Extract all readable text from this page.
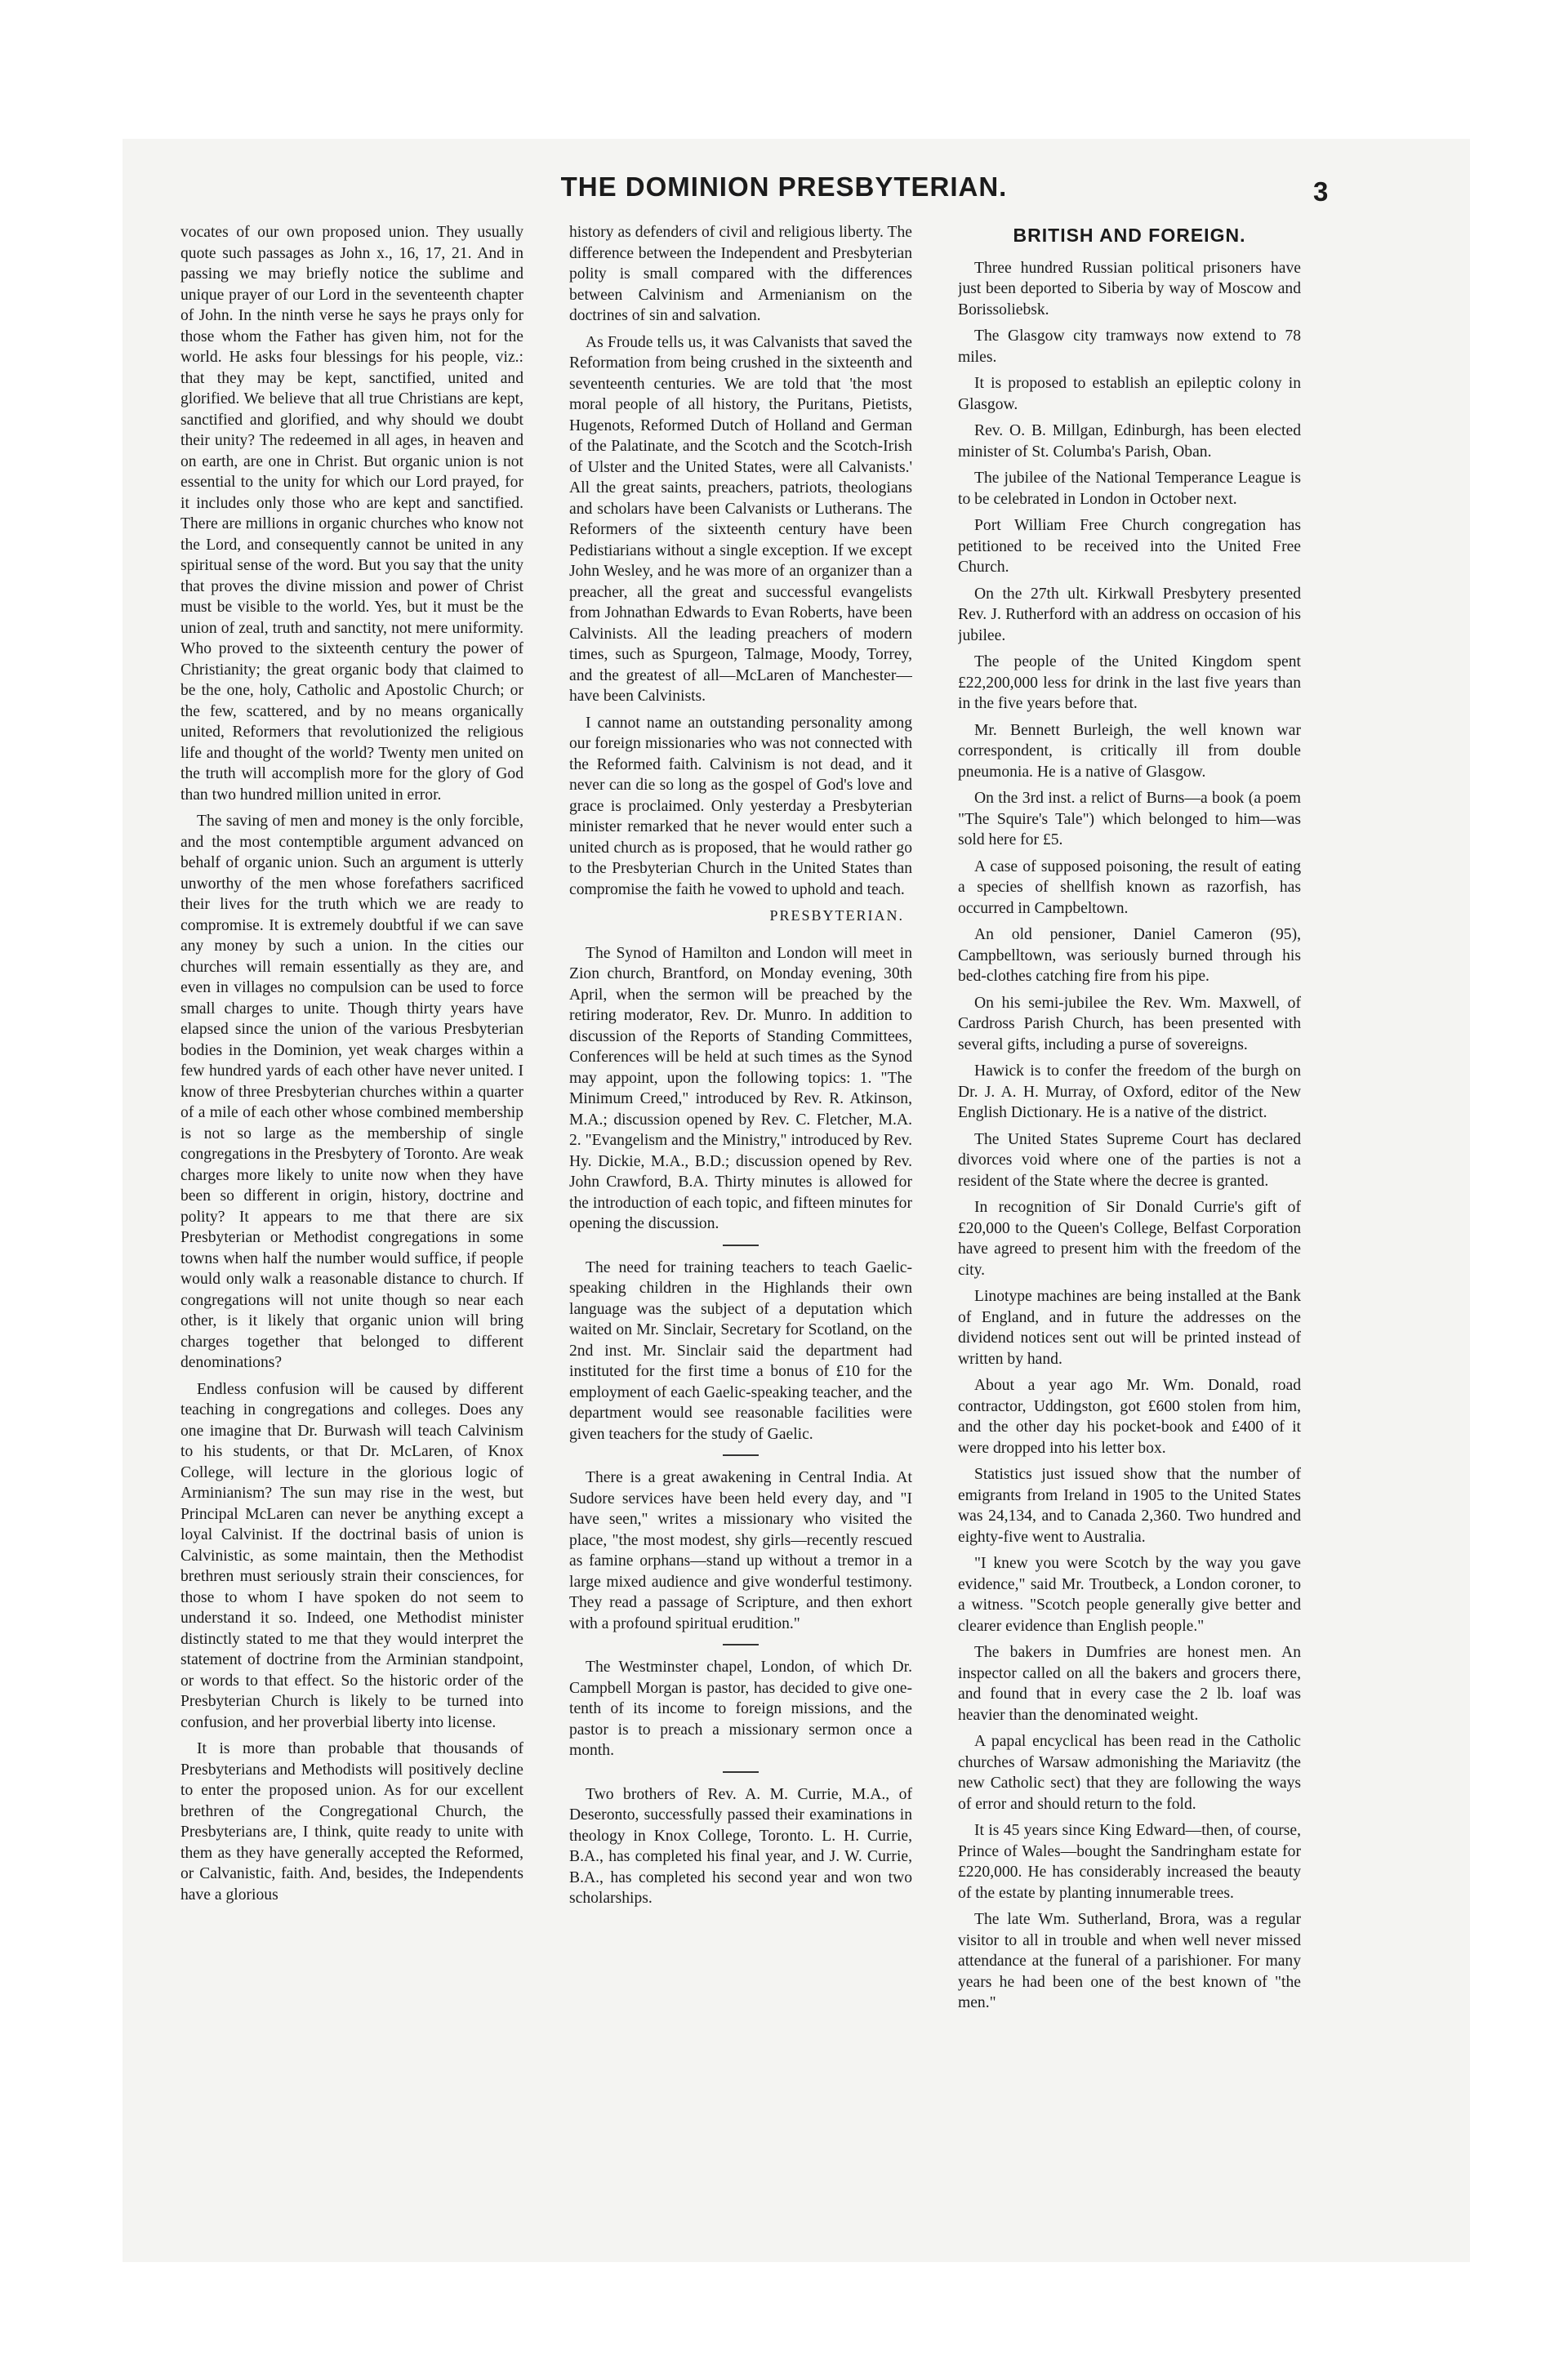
THE DOMINION PRESBYTERIAN.	3

vocates of our own proposed union. They usually quote such passages as John x., 16, 17, 21. And in passing we may briefly notice the sublime and unique prayer of our Lord in the seventeenth chapter of John. In the ninth verse he says he prays only for those whom the Father has given him, not for the world. He asks four blessings for his people, viz.: that they may be kept, sanctified, united and glorified. We believe that all true Christians are kept, sanctified and glorified, and why should we doubt their unity? The redeemed in all ages, in heaven and on earth, are one in Christ. But organic union is not essential to the unity for which our Lord prayed, for it includes only those who are kept and sanctified. There are millions in organic churches who know not the Lord, and consequently cannot be united in any spiritual sense of the word. But you say that the unity that proves the divine mission and power of Christ must be visible to the world. Yes, but it must be the union of zeal, truth and sanctity, not mere uniformity. Who proved to the sixteenth century the power of Christianity; the great organic body that claimed to be the one, holy, Catholic and Apostolic Church; or the few, scattered, and by no means organically united, Reformers that revolutionized the religious life and thought of the world? Twenty men united on the truth will accomplish more for the glory of God than two hundred million united in error.

The saving of men and money is the only forcible, and the most contemptible argument advanced on behalf of organic union. Such an argument is utterly unworthy of the men whose forefathers sacrificed their lives for the truth which we are ready to compromise. It is extremely doubtful if we can save any money by such a union. In the cities our churches will remain essentially as they are, and even in villages no compulsion can be used to force small charges to unite. Though thirty years have elapsed since the union of the various Presbyterian bodies in the Dominion, yet weak charges within a few hundred yards of each other have never united. I know of three Presbyterian churches within a quarter of a mile of each other whose combined membership is not so large as the membership of single congregations in the Presbytery of Toronto. Are weak charges more likely to unite now when they have been so different in origin, history, doctrine and polity? It appears to me that there are six Presbyterian or Methodist congregations in some towns when half the number would suffice, if people would only walk a reasonable distance to church. If congregations will not unite though so near each other, is it likely that organic union will bring charges together that belonged to different denominations?

Endless confusion will be caused by different teaching in congregations and colleges. Does any one imagine that Dr. Burwash will teach Calvinism to his students, or that Dr. McLaren, of Knox College, will lecture in the glorious logic of Arminianism? The sun may rise in the west, but Principal McLaren can never be anything except a loyal Calvinist. If the doctrinal basis of union is Calvinistic, as some maintain, then the Methodist brethren must seriously strain their consciences, for those to whom I have spoken do not seem to understand it so. Indeed, one Methodist minister distinctly stated to me that they would interpret the statement of doctrine from the Arminian standpoint, or words to that effect. So the historic order of the Presbyterian Church is likely to be turned into confusion, and her proverbial liberty into license.

It is more than probable that thousands of Presbyterians and Methodists will positively decline to enter the proposed union. As for our excellent brethren of the Congregational Church, the Presbyterians are, I think, quite ready to unite with them as they have generally accepted the Reformed, or Calvanistic, faith. And, besides, the Independents have a glorious

history as defenders of civil and religious liberty. The difference between the Independent and Presbyterian polity is small compared with the differences between Calvinism and Armenianism on the doctrines of sin and salvation.

As Froude tells us, it was Calvanists that saved the Reformation from being crushed in the sixteenth and seventeenth centuries. We are told that 'the most moral people of all history, the Puritans, Pietists, Hugenots, Reformed Dutch of Holland and German of the Palatinate, and the Scotch and the Scotch-Irish of Ulster and the United States, were all Calvanists.' All the great saints, preachers, patriots, theologians and scholars have been Calvanists or Lutherans. The Reformers of the sixteenth century have been Pedistiarians without a single exception. If we except John Wesley, and he was more of an organizer than a preacher, all the great and successful evangelists from Johnathan Edwards to Evan Roberts, have been Calvinists. All the leading preachers of modern times, such as Spurgeon, Talmage, Moody, Torrey, and the greatest of all—McLaren of Manchester—have been Calvinists.

I cannot name an outstanding personality among our foreign missionaries who was not connected with the Reformed faith. Calvinism is not dead, and it never can die so long as the gospel of God's love and grace is proclaimed. Only yesterday a Presbyterian minister remarked that he never would enter such a united church as is proposed, that he would rather go to the Presbyterian Church in the United States than compromise the faith he vowed to uphold and teach.

PRESBYTERIAN.

The Synod of Hamilton and London will meet in Zion church, Brantford, on Monday evening, 30th April, when the sermon will be preached by the retiring moderator, Rev. Dr. Munro. In addition to discussion of the Reports of Standing Committees, Conferences will be held at such times as the Synod may appoint, upon the following topics: 1. "The Minimum Creed," introduced by Rev. R. Atkinson, M.A.; discussion opened by Rev. C. Fletcher, M.A. 2. "Evangelism and the Ministry," introduced by Rev. Hy. Dickie, M.A., B.D.; discussion opened by Rev. John Crawford, B.A. Thirty minutes is allowed for the introduction of each topic, and fifteen minutes for opening the discussion.

The need for training teachers to teach Gaelic-speaking children in the Highlands their own language was the subject of a deputation which waited on Mr. Sinclair, Secretary for Scotland, on the 2nd inst. Mr. Sinclair said the department had instituted for the first time a bonus of £10 for the employment of each Gaelic-speaking teacher, and the department would see reasonable facilities were given teachers for the study of Gaelic.

There is a great awakening in Central India. At Sudore services have been held every day, and "I have seen," writes a missionary who visited the place, "the most modest, shy girls—recently rescued as famine orphans—stand up without a tremor in a large mixed audience and give wonderful testimony. They read a passage of Scripture, and then exhort with a profound spiritual erudition."

The Westminster chapel, London, of which Dr. Campbell Morgan is pastor, has decided to give one-tenth of its income to foreign missions, and the pastor is to preach a missionary sermon once a month.

Two brothers of Rev. A. M. Currie, M.A., of Deseronto, successfully passed their examinations in theology in Knox College, Toronto. L. H. Currie, B.A., has completed his final year, and J. W. Currie, B.A., has completed his second year and won two scholarships.

BRITISH AND FOREIGN.

Three hundred Russian political prisoners have just been deported to Siberia by way of Moscow and Borissoliebsk.

The Glasgow city tramways now extend to 78 miles.

It is proposed to establish an epileptic colony in Glasgow.

Rev. O. B. Millgan, Edinburgh, has been elected minister of St. Columba's Parish, Oban.

The jubilee of the National Temperance League is to be celebrated in London in October next.

Port William Free Church congregation has petitioned to be received into the United Free Church.

On the 27th ult. Kirkwall Presbytery presented Rev. J. Rutherford with an address on occasion of his jubilee.

The people of the United Kingdom spent £22,200,000 less for drink in the last five years than in the five years before that.

Mr. Bennett Burleigh, the well known war correspondent, is critically ill from double pneumonia. He is a native of Glasgow.

On the 3rd inst. a relict of Burns—a book (a poem "The Squire's Tale") which belonged to him—was sold here for £5.

A case of supposed poisoning, the result of eating a species of shellfish known as razorfish, has occurred in Campbeltown.

An old pensioner, Daniel Cameron (95), Campbelltown, was seriously burned through his bed-clothes catching fire from his pipe.

On his semi-jubilee the Rev. Wm. Maxwell, of Cardross Parish Church, has been presented with several gifts, including a purse of sovereigns.

Hawick is to confer the freedom of the burgh on Dr. J. A. H. Murray, of Oxford, editor of the New English Dictionary. He is a native of the district.

The United States Supreme Court has declared divorces void where one of the parties is not a resident of the State where the decree is granted.

In recognition of Sir Donald Currie's gift of £20,000 to the Queen's College, Belfast Corporation have agreed to present him with the freedom of the city.

Linotype machines are being installed at the Bank of England, and in future the addresses on the dividend notices sent out will be printed instead of written by hand.

About a year ago Mr. Wm. Donald, road contractor, Uddingston, got £600 stolen from him, and the other day his pocket-book and £400 of it were dropped into his letter box.

Statistics just issued show that the number of emigrants from Ireland in 1905 to the United States was 24,134, and to Canada 2,360. Two hundred and eighty-five went to Australia.

"I knew you were Scotch by the way you gave evidence," said Mr. Troutbeck, a London coroner, to a witness. "Scotch people generally give better and clearer evidence than English people."

The bakers in Dumfries are honest men. An inspector called on all the bakers and grocers there, and found that in every case the 2 lb. loaf was heavier than the denominated weight.

A papal encyclical has been read in the Catholic churches of Warsaw admonishing the Mariavitz (the new Catholic sect) that they are following the ways of error and should return to the fold.

It is 45 years since King Edward—then, of course, Prince of Wales—bought the Sandringham estate for £220,000. He has considerably increased the beauty of the estate by planting innumerable trees.

The late Wm. Sutherland, Brora, was a regular visitor to all in trouble and when well never missed attendance at the funeral of a parishioner. For many years he had been one of the best known of "the men."
